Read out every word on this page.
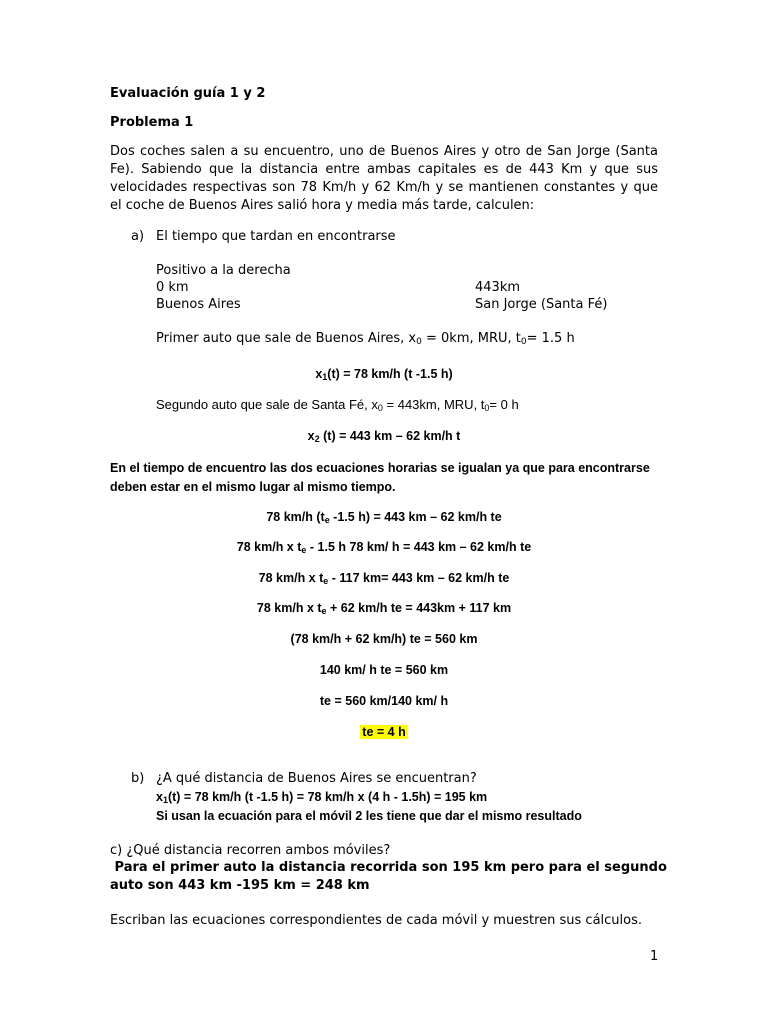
Evaluación guía 1 y 2
Problema 1
Dos coches salen a su encuentro, uno de Buenos Aires y otro de San Jorge (Santa Fe). Sabiendo que la distancia entre ambas capitales es de 443 Km y que sus velocidades respectivas son 78 Km/h y 62 Km/h y se mantienen constantes y que el coche de Buenos Aires salió hora y media más tarde, calculen:
a) El tiempo que tardan en encontrarse
Positivo a la derecha
0 km	443km
Buenos Aires	San Jorge (Santa Fé)
Primer auto que sale de Buenos Aires, $x_0 = 0km$, MRU, $t_0= 1.5$ h
$x_1(t) = 78$ km/h (t -1.5 h)
Segundo auto que sale de Santa Fé, $x_0 = 443km$, MRU, $t_0= 0$ h
$x_2$ (t) = 443 km – 62 km/h t
En el tiempo de encuentro las dos ecuaciones horarias se igualan ya que para encontrarse deben estar en el mismo lugar al mismo tiempo.
78 km/h ($t_e$ -1.5 h) = 443 km – 62 km/h te
78 km/h x $t_e - 1.5$ h 78 km/ h = 443 km – 62 km/h te
78 km/h x $t_e - 117$ km= 443 km – 62 km/h te
78 km/h x $t_e + 62$ km/h te = 443km + 117 km
(78 km/h + 62 km/h) te = 560 km
140 km/ h te = 560 km
te = 560 km/140 km/ h
te = 4 h
b) ¿A qué distancia de Buenos Aires se encuentran?
$x_1(t) = 78$ km/h (t -1.5 h) = 78 km/h x (4 h - 1.5h) = 195 km
Si usan la ecuación para el móvil 2 les tiene que dar el mismo resultado
c) ¿Qué distancia recorren ambos móviles?
Para el primer auto la distancia recorrida son 195 km pero para el segundo
auto son 443 km -195 km = 248 km
Escriban las ecuaciones correspondientes de cada móvil y muestren sus cálculos.
1
